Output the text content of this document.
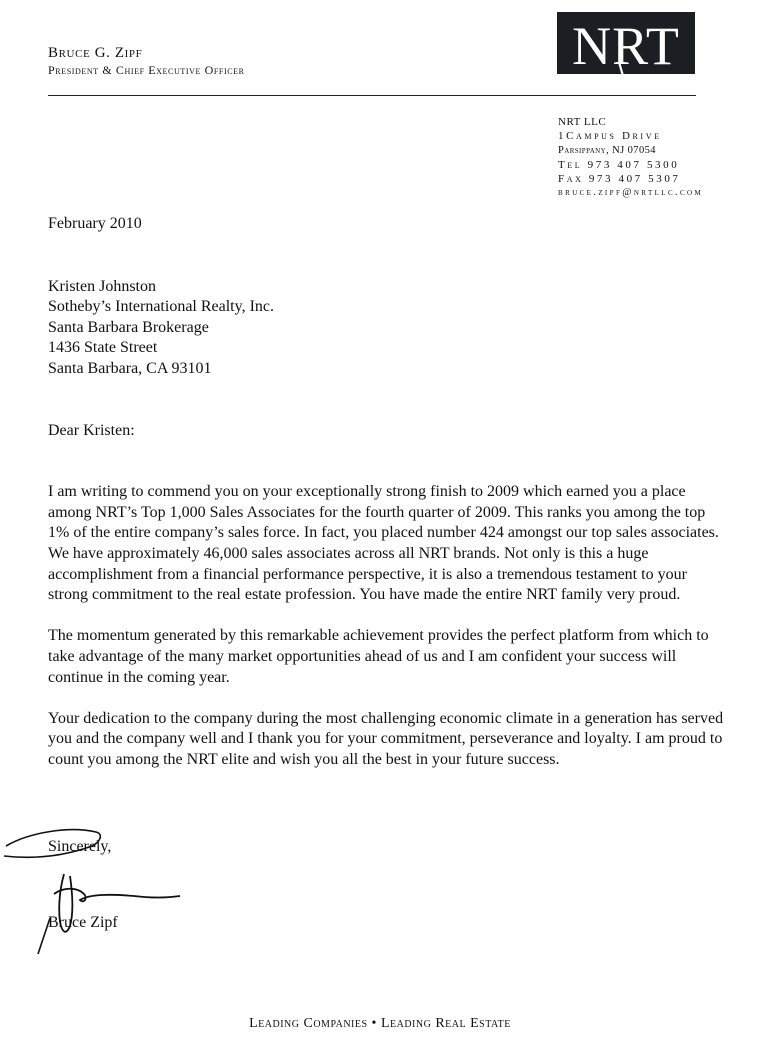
Bruce G. Zipf
President & Chief Executive Officer	NRT
NRT LLC
1Campus Drive
Parsippany, NJ 07054
Tel 973 407 5300
Fax 973 407 5307
bruce.zipf@nrtllc.com
February 2010
Kristen Johnston
Sotheby’s International Realty, Inc.
Santa Barbara Brokerage
1436 State Street
Santa Barbara, CA 93101
Dear Kristen:

I am writing to commend you on your exceptionally strong finish to 2009 which earned you a place among NRT’s Top 1,000 Sales Associates for the fourth quarter of 2009. This ranks you among the top 1% of the entire company’s sales force. In fact, you placed number 424 amongst our top sales associates. We have approximately 46,000 sales associates across all NRT brands. Not only is this a huge accomplishment from a financial performance perspective, it is also a tremendous testament to your strong commitment to the real estate profession. You have made the entire NRT family very proud.

The momentum generated by this remarkable achievement provides the perfect platform from which to take advantage of the many market opportunities ahead of us and I am confident your success will continue in the coming year.

Your dedication to the company during the most challenging economic climate in a generation has served you and the company well and I thank you for your commitment, perseverance and loyalty. I am proud to count you among the NRT elite and wish you all the best in your future success.

Sincerely,
Bruce Zipf
Leading Companies • Leading Real Estate
